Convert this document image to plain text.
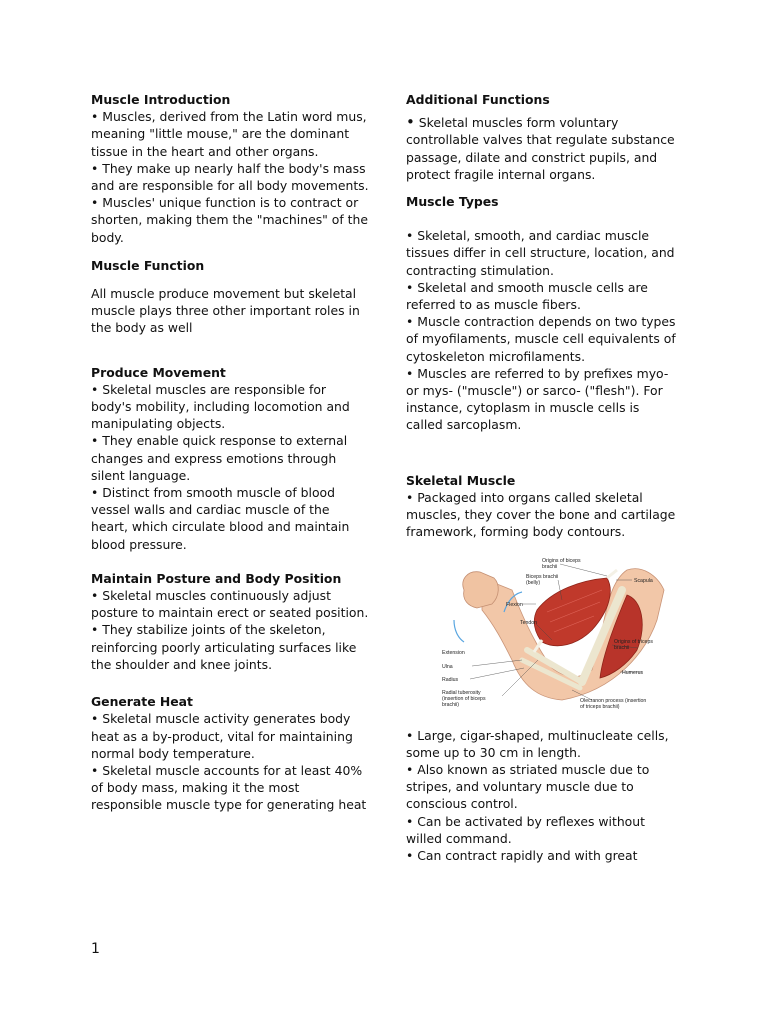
Muscle Introduction

• Muscles, derived from the Latin word mus, meaning "little mouse," are the dominant tissue in the heart and other organs.

• They make up nearly half the body's mass and are responsible for all body movements.

• Muscles' unique function is to contract or shorten, making them the "machines" of the body.

Muscle Function

All muscle produce movement but skeletal muscle plays three other important roles in the body as well

Produce Movement

• Skeletal muscles are responsible for body's mobility, including locomotion and manipulating objects.

• They enable quick response to external changes and express emotions through silent language.

• Distinct from smooth muscle of blood vessel walls and cardiac muscle of the heart, which circulate blood and maintain blood pressure.

Maintain Posture and Body Position

• Skeletal muscles continuously adjust posture to maintain erect or seated position.

• They stabilize joints of the skeleton, reinforcing poorly articulating surfaces like the shoulder and knee joints.

Generate Heat

• Skeletal muscle activity generates body heat as a by-product, vital for maintaining normal body temperature.

• Skeletal muscle accounts for at least 40% of body mass, making it the most responsible muscle type for generating heat

Additional Functions

• Skeletal muscles form voluntary controllable valves that regulate substance passage, dilate and constrict pupils, and protect fragile internal organs.

Muscle Types

• Skeletal, smooth, and cardiac muscle tissues differ in cell structure, location, and contracting stimulation.

• Skeletal and smooth muscle cells are referred to as muscle fibers.

• Muscle contraction depends on two types of myofilaments, muscle cell equivalents of cytoskeleton microfilaments.

• Muscles are referred to by prefixes myo- or mys- ("muscle") or sarco- ("flesh"). For instance, cytoplasm in muscle cells is called sarcoplasm.

Skeletal Muscle

• Packaged into organs called skeletal muscles, they cover the bone and cartilage framework, forming body contours.

Origins of biceps
brachii
Scapula
Biceps brachii
(belly)
Flexion
Tendon
Origins of triceps
brachii
Extension
Ulna
Humerus
Radius
Radial tuberosity
(insertion of biceps
brachii)
Olecranon process (insertion
of triceps brachii)

• Large, cigar-shaped, multinucleate cells, some up to 30 cm in length.

• Also known as striated muscle due to stripes, and voluntary muscle due to conscious control.

• Can be activated by reflexes without willed command.

• Can contract rapidly and with great

1
